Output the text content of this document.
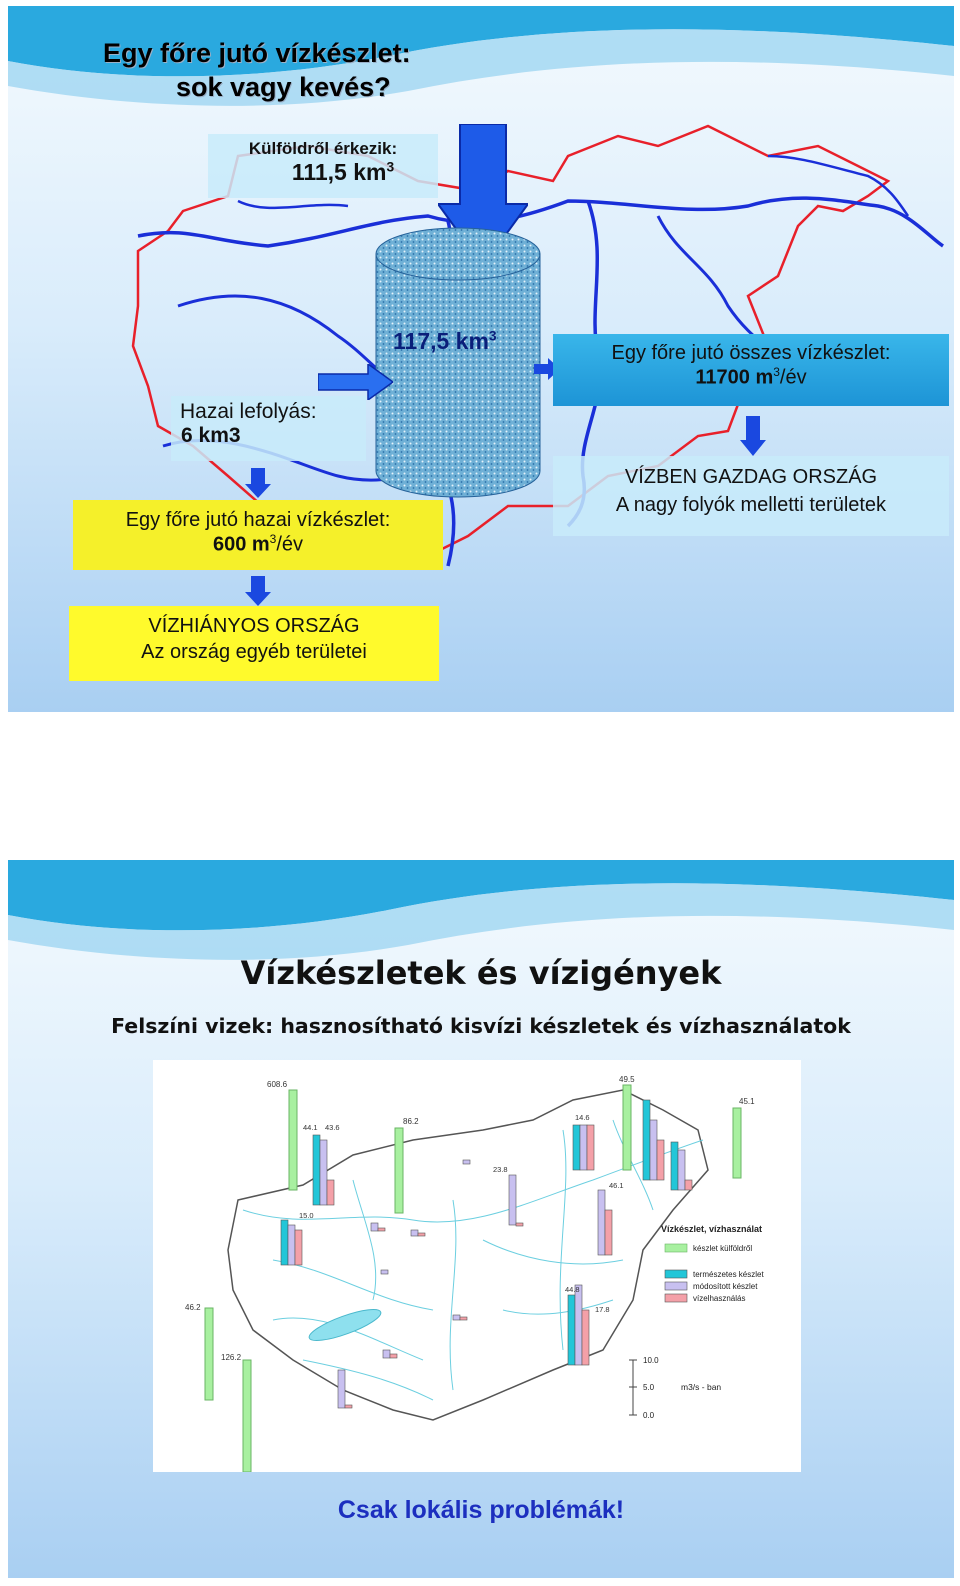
Egy főre jutó vízkészlet:
sok vagy kevés?
Külföldről érkezik:
111,5 $km^3$
117,5 $km^3$
Hazai lefolyás:
6 km3
Egy főre jutó hazai vízkészlet:
600 $m^3/év$
VÍZHIÁNYOS ORSZÁG
Az ország egyéb területei
Egy főre jutó összes vízkészlet:
11700 $m^3/év$
VÍZBEN GAZDAG ORSZÁG
A nagy folyók melletti területek
Vízkészletek és vízigények
Felszíni vizek: hasznosítható kisvízi készletek és vízhasználatok
608.6
86.2
49.5
45.1
46.2
126.2
44.1 43.6
14.6
23.8
46.1
15.0
44.8
17.8
Vízkészlet, vízhasználat
készlet külföldről
természetes készlet
módosított készlet
vízelhasználás
10.0
5.0
0.0
m3/s - ban
Csak lokális problémák!
